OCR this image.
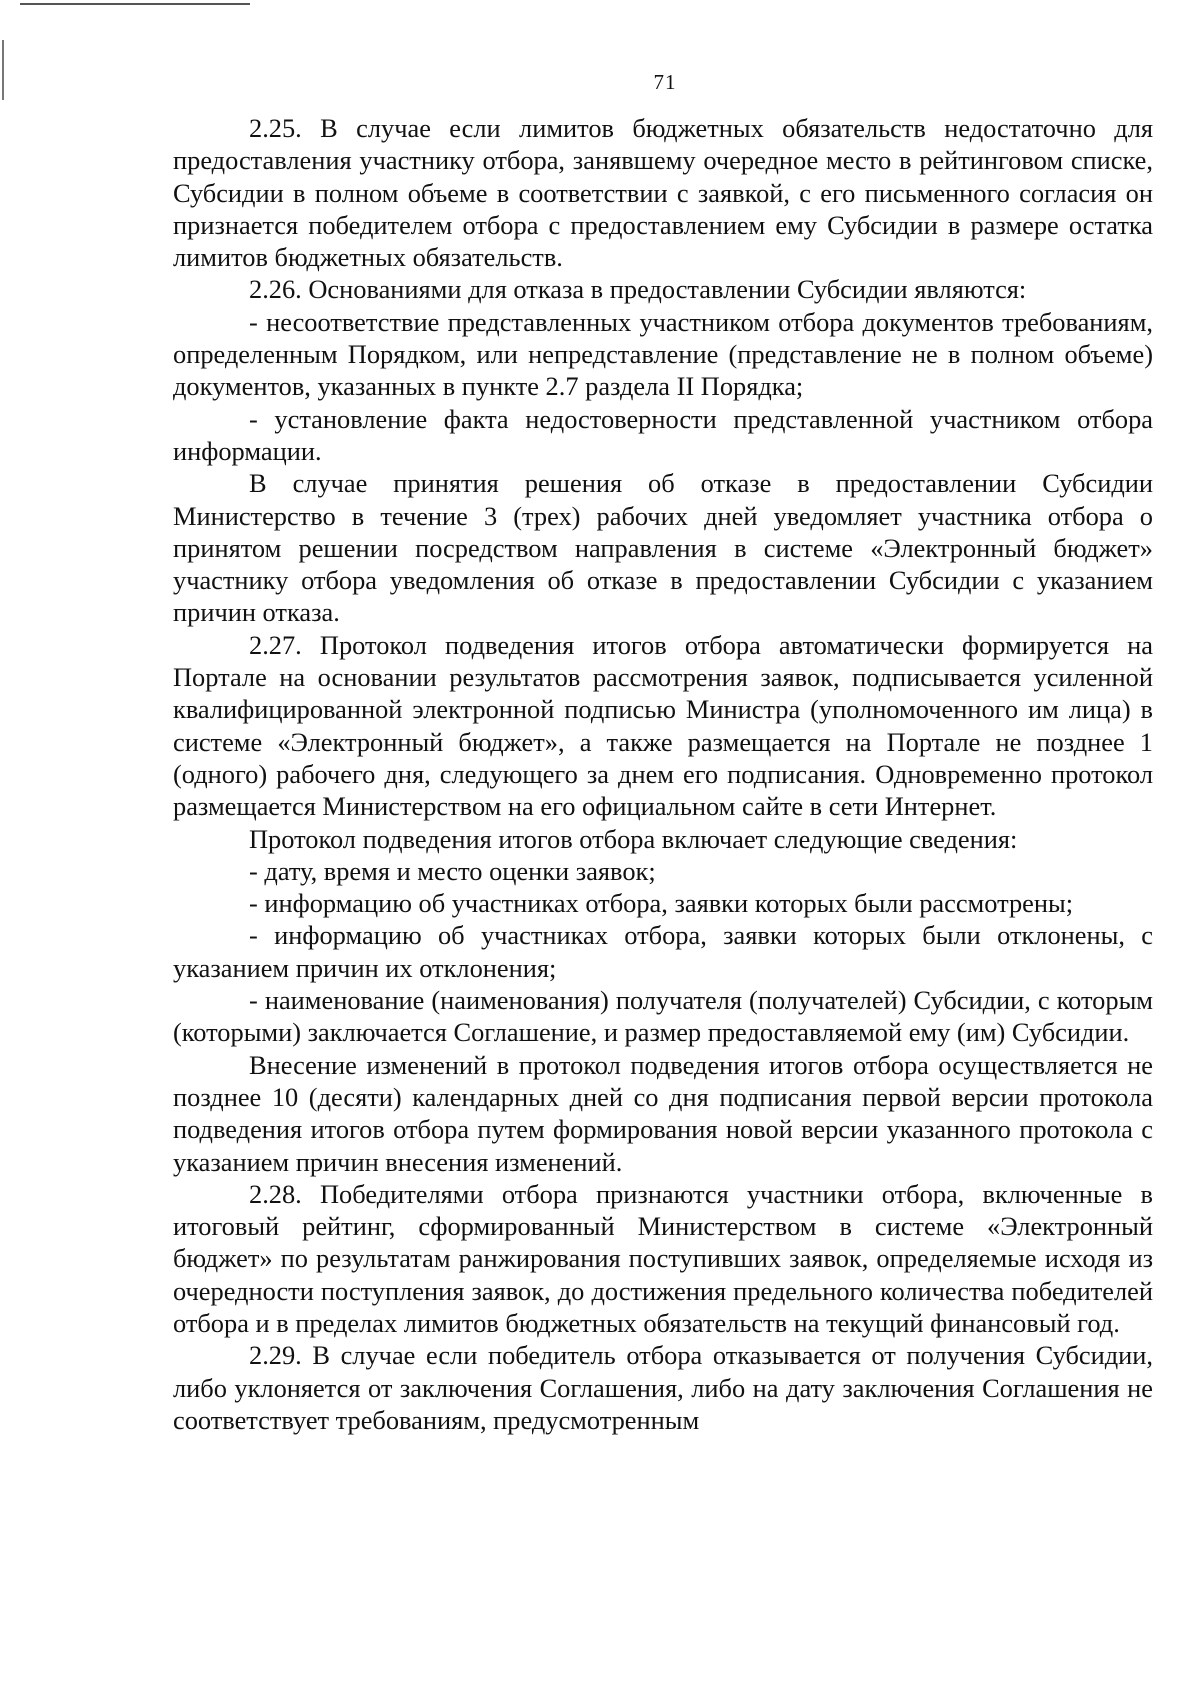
71

2.25. В случае если лимитов бюджетных обязательств недостаточно для предоставления участнику отбора, занявшему очередное место в рейтинговом списке, Субсидии в полном объеме в соответствии с заявкой, с его письменного согласия он признается победителем отбора с предоставлением ему Субсидии в размере остатка лимитов бюджетных обязательств.

2.26. Основаниями для отказа в предоставлении Субсидии являются:

- несоответствие представленных участником отбора документов требованиям, определенным Порядком, или непредставление (представление не в полном объеме) документов, указанных в пункте 2.7 раздела II Порядка;

- установление факта недостоверности представленной участником отбора информации.

В случае принятия решения об отказе в предоставлении Субсидии Министерство в течение 3 (трех) рабочих дней уведомляет участника отбора о принятом решении посредством направления в системе «Электронный бюджет» участнику отбора уведомления об отказе в предоставлении Субсидии с указанием причин отказа.

2.27. Протокол подведения итогов отбора автоматически формируется на Портале на основании результатов рассмотрения заявок, подписывается усиленной квалифицированной электронной подписью Министра (уполномоченного им лица) в системе «Электронный бюджет», а также размещается на Портале не позднее 1 (одного) рабочего дня, следующего за днем его подписания. Одновременно протокол размещается Министерством на его официальном сайте в сети Интернет.

Протокол подведения итогов отбора включает следующие сведения:

- дату, время и место оценки заявок;

- информацию об участниках отбора, заявки которых были рассмотрены;

- информацию об участниках отбора, заявки которых были отклонены, с указанием причин их отклонения;

- наименование (наименования) получателя (получателей) Субсидии, с которым (которыми) заключается Соглашение, и размер предоставляемой ему (им) Субсидии.

Внесение изменений в протокол подведения итогов отбора осуществляется не позднее 10 (десяти) календарных дней со дня подписания первой версии протокола подведения итогов отбора путем формирования новой версии указанного протокола с указанием причин внесения изменений.

2.28. Победителями отбора признаются участники отбора, включенные в итоговый рейтинг, сформированный Министерством в системе «Электронный бюджет» по результатам ранжирования поступивших заявок, определяемые исходя из очередности поступления заявок, до достижения предельного количества победителей отбора и в пределах лимитов бюджетных обязательств на текущий финансовый год.

2.29. В случае если победитель отбора отказывается от получения Субсидии, либо уклоняется от заключения Соглашения, либо на дату заключения Соглашения не соответствует требованиям, предусмотренным
